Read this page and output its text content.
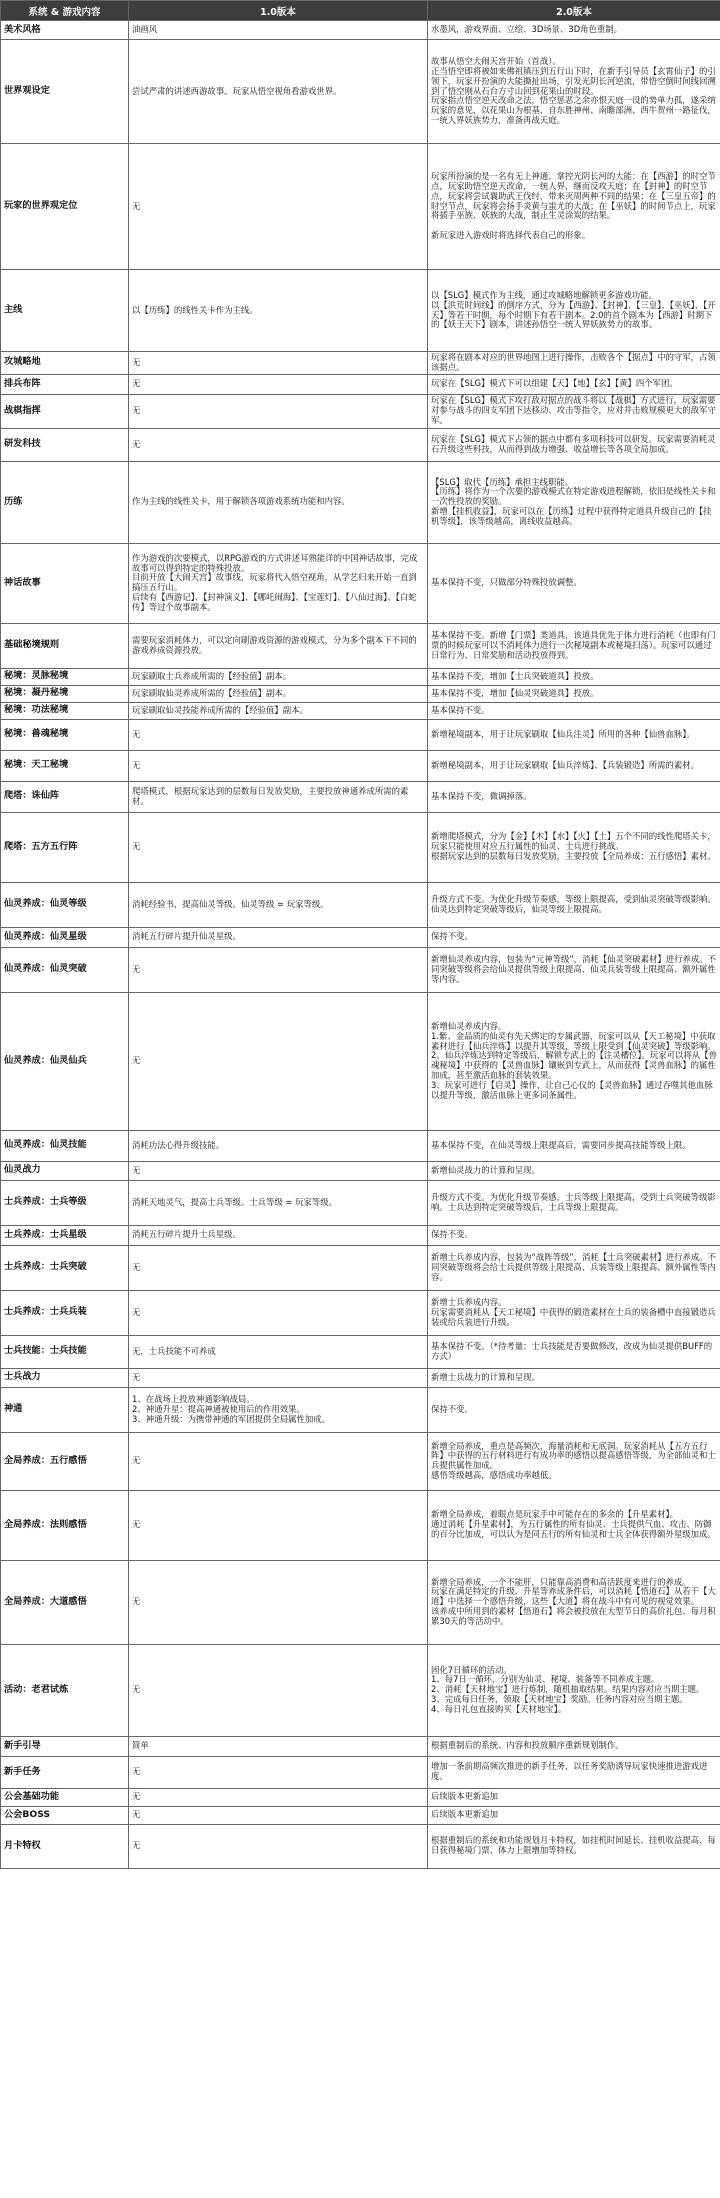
系统 & 游戏内容	1.0版本	2.0版本

美术风格	油画风	水墨风，游戏界面、立绘、3D场景、3D角色重制。

世界观设定	尝试严肃的讲述西游故事。玩家从悟空视角看游戏世界。	故事从悟空大闹天宫开始（首战）。
正当悟空即将被如来佛祖镇压到五行山下时，在新手引导员【玄霄仙子】的引领下，玩家开扮演的大能撕扯出场，引发光阴长河逆流，带悟空倒时间线回溯到了悟空刚从石台方寸山回到花果山的时段。
玩家指点悟空逆天改命之法，悟空惩恶之余亦恨天庭一设的势单力孤，遂采纳玩家的意见，以花果山为根基，自东胜神州、南瞻部洲、西牛贺州一路征伐，一统人界妖族势力，准备再战天庭。

玩家的世界观定位	无	玩家所扮演的是一名有无上神通、掌控光阴长河的大能：在【西游】的时空节点，玩家助悟空逆天改命，一统人界，继而反攻天庭；在【封神】的时空节点，玩家将尝试襄助武王伐纣，带来灭周两种不同的结果；在【三皇五帝】的时空节点，玩家将会扬手炎黄与蚩尤的大战；在【巫妖】的时间节点上，玩家将插手巫族、妖族的大战，制止生灵涂炭的结果。

新玩家进入游戏时将选择代表自己的形象。

主线	以【历练】的线性关卡作为主线。	以【SLG】模式作为主线，通过攻城略地解锁更多游戏功能。
以【洪荒时间线】的倒序方式，分为【西游】、【封神】、【三皇】、【巫妖】、【开天】等若干时期，每个时期下有若干剧本。2.0的首个剧本为【西游】时期下的【妖王天下】剧本，讲述孙悟空一统人界妖族势力的故事。

攻城略地	无	玩家将在剧本对应的世界地图上进行操作，击败各个【据点】中的守军，占领该据点。

排兵布阵	无	玩家在【SLG】模式下可以组建【天】【地】【玄】【黄】四个军团。

战棋指挥	无	玩家在【SLG】模式下攻打敌对据点的战斗将以【战棋】方式进行，玩家需要对参与战斗的四支军团下达移动、攻击等指令，应对并击败规模更大的敌军守军。

研发科技	无	玩家在【SLG】模式下占领的据点中都有多项科技可以研发。玩家需要消耗灵石升级这些科技，从而得到战力增强、收益增长等各项全局加成。

历练	作为主线的线性关卡，用于解锁各项游戏系统功能和内容。	【SLG】取代【历练】承担主线职能。
【历练】将作为一个次要的游戏模式在特定游戏进程解锁，依旧是线性关卡和一次性投放的奖励。
新增【挂机收益】，玩家可以在【历练】过程中获得特定道具升级自己的【挂机等级】，该等级越高，离线收益越高。

神话故事	作为游戏的次要模式，以RPG游戏的方式讲述耳熟能详的中国神话故事，完成故事可以得到特定的特殊投放。
目前开放【大闹天宫】故事线，玩家将代入悟空视角，从学艺归来开始一直到搞压五行山。
后续有【西游记】、【封神演义】、【哪吒闹海】、【宝莲灯】、【八仙过海】、【白蛇传】等过个故事副本。	基本保持不变，只做部分特殊投放调整。

基础秘境规则	需要玩家消耗体力，可以定向刷游戏资源的游戏模式，分为多个副本下不同的游戏养成资源投放。	基本保持不变。新增【门票】类道具，该道具优先于体力进行消耗（也即有门票的时候玩家可以不消耗体力进行一次秘境副本或秘境扫荡）。玩家可以通过日常行为、日常奖励和活动投放得到。

秘境：灵脉秘境	玩家刷取士兵养成所需的【经验值】副本。	基本保持不变，增加【士兵突破道具】投放。

秘境：凝丹秘境	玩家刷取仙灵养成所需的【经验值】副本。	基本保持不变，增加【仙灵突破道具】投放。

秘境：功法秘境	玩家刷取仙灵技能养成所需的【经验值】副本。	基本保持不变。

秘境：兽魂秘境	无	新增秘境副本，用于让玩家刷取【仙兵注灵】所用的各种【仙兽血脉】。

秘境：天工秘境	无	新增秘境副本，用于让玩家刷取【仙兵淬炼】、【兵装锻造】所需的素材。

爬塔：诛仙阵	爬塔模式，根据玩家达到的层数每日发放奖励，主要投放神通养成所需的素材。	基本保持不变，微调掉落。

爬塔：五方五行阵	无	新增爬塔模式，分为【金】【木】【水】【火】【土】五个不同的线性爬塔关卡，玩家只能使用对应五行属性的仙灵、士兵进行挑战。
根据玩家达到的层数每日发放奖励，主要投放【全局养成：五行感悟】素材。

仙灵养成：仙灵等级	消耗经验书，提高仙灵等级。仙灵等级 = 玩家等级。	升级方式不变。为优化升级节奏感，等级上限提高，受到仙灵突破等级影响。仙灵达到特定突破等级后，仙灵等级上限提高。

仙灵养成：仙灵星级	消耗五行碎片提升仙灵星级。	保持不变。

仙灵养成：仙灵突破	无	新增仙灵养成内容，包装为“元神等级”，消耗【仙灵突破素材】进行养成。不同突破等级将会给仙灵提供等级上限提高、仙灵兵装等级上限提高、额外属性等内容。

仙灵养成：仙灵仙兵	无	新增仙灵养成内容。
1.紫、金品质的仙灵有先天绑定的专属武器，玩家可以从【天工秘境】中获取素材进行【仙兵淬炼】以提升其等级，等级上限受到【仙灵突破】等级影响。
2、仙兵淬炼达到特定等级后，解锁专武上的【注灵槽位】。玩家可以将从【兽魂秘境】中获得的【灵兽血脉】镶嵌到专武上，从而获得【灵兽血脉】的属性加成，甚至激活血脉的套装效果。
3、玩家可进行【启灵】操作，让自己心仪的【灵兽血脉】通过吞噬其他血脉以提升等级，激活血脉上更多词条属性。

仙灵养成：仙灵技能	消耗功法心得升级技能。	基本保持不变，在仙灵等级上限提高后，需要同步提高技能等级上限。

仙灵战力	无	新增仙灵战力的计算和呈现。

士兵养成：士兵等级	消耗天地灵气，提高士兵等级。士兵等级 = 玩家等级。	升级方式不变。为优化升级节奏感，士兵等级上限提高，受到士兵突破等级影响。士兵达到特定突破等级后，士兵等级上限提高。

士兵养成：士兵星级	消耗五行碎片提升士兵星级。	保持不变。

士兵养成：士兵突破	无	新增士兵养成内容，包装为“战阵等级”，消耗【士兵突破素材】进行养成。不同突破等级将会给士兵提供等级上限提高、兵装等级上限提高、额外属性等内容。

士兵养成：士兵兵装	无	新增士兵养成内容。
玩家需要消耗从【天工秘境】中获得的锻造素材在士兵的装备槽中直接锻造兵装或给兵装进行升级。

士兵技能：士兵技能	无，士兵技能不可养成	基本保持不变。（*待考量：士兵技能是否要做修改，改成为仙灵提供BUFF的方式）

士兵战力	无	新增士兵战力的计算和呈现。

神通	1、在战场上投放神通影响战局。
2、神通升星：提高神通被使用后的作用效果。
3、神通升级：为携带神通的军团提供全局属性加成。	保持不变。

全局养成：五行感悟	无	新增全局养成，重点是高频次，海量消耗和无底洞。玩家消耗从【五方五行阵】中获得的五行材料进行有成功率的感悟以提高感悟等级，为全部仙灵和士兵提供属性加成。
感悟等级越高，感悟成功率越低。

全局养成：法则感悟	无	新增全局养成，着眼点是玩家手中可能存在的多余的【升星素材】。
通过消耗【升星素材】，为五行属性的所有仙灵、士兵提供气血、攻击、防御的百分比加成，可以认为是同五行的所有仙灵和士兵全体获得额外星级加成。

全局养成：大道感悟	无	新增全局养成，一个不能肝，只能靠高消费和高活跃度来进行的养成。
玩家在满足特定的升级、升星等养成条件后，可以消耗【悟道石】从若干【大道】中选择一个感悟升级，这些【大道】将在战斗中有可见的视觉效果。
该养成中所用到的素材【悟道石】将会被投放在大型节日的高价礼包、每月积累30天的等活动中。

活动：老君试炼	无	固化7日循环的活动。
1、每7日一循环，分别为仙灵、秘境、装备等不同养成主题。
2、消耗【天材地宝】进行炼制，随机抽取结果。结果内容对应当期主题。
3、完成每日任务，领取【天材地宝】奖励。任务内容对应当期主题。
4、每日礼包直接购买【天材地宝】。

新手引导	简单	根据重制后的系统、内容和投放顺序重新规划制作。

新手任务	无	增加一条前期高频次推进的新手任务，以任务奖励诱导玩家快速推进游戏进度。

公会基础功能	无	后续版本更新追加

公会BOSS	无	后续版本更新追加

月卡特权	无	根据重制后的系统和功能规划月卡特权，如挂机时间延长、挂机收益提高、每日获得秘境门票、体力上限增加等特权。
